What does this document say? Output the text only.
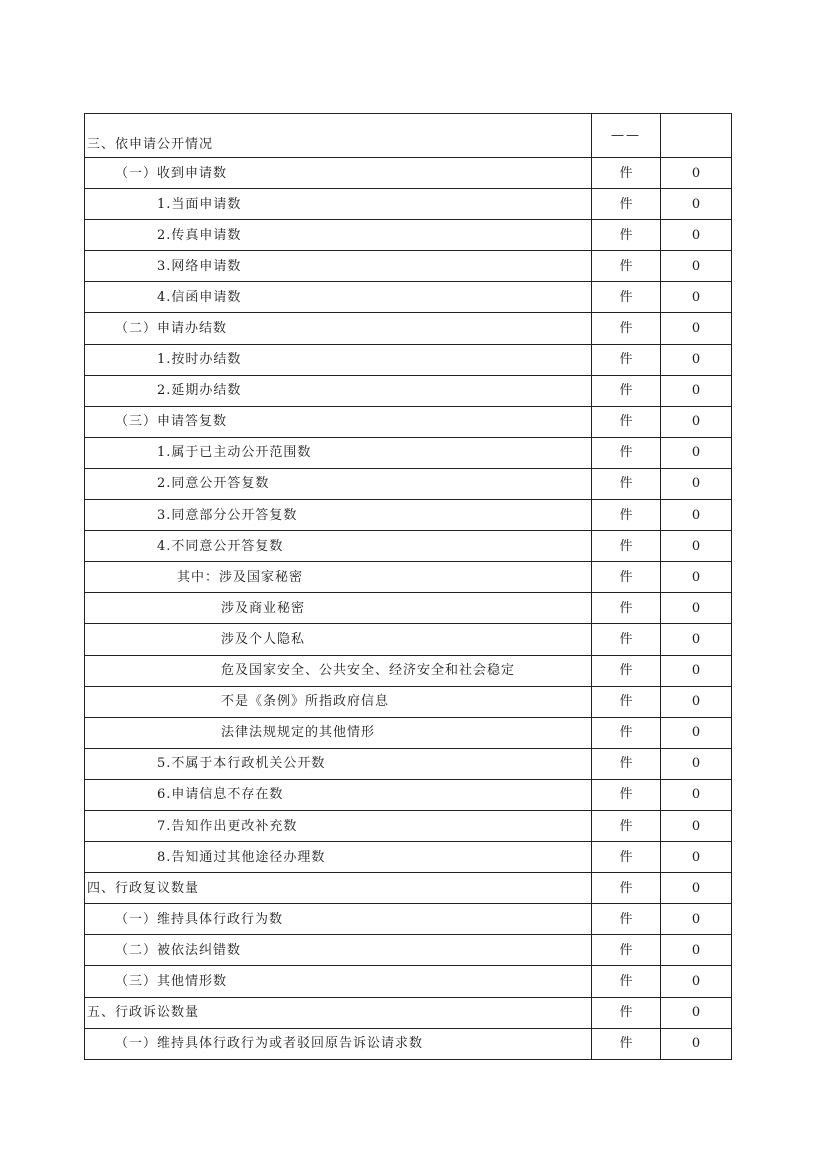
三、依申请公开情况	——	
（一）收到申请数	件	0
1.当面申请数	件	0
2.传真申请数	件	0
3.网络申请数	件	0
4.信函申请数	件	0
（二）申请办结数	件	0
1.按时办结数	件	0
2.延期办结数	件	0
（三）申请答复数	件	0
1.属于已主动公开范围数	件	0
2.同意公开答复数	件	0
3.同意部分公开答复数	件	0
4.不同意公开答复数	件	0
其中：涉及国家秘密	件	0
涉及商业秘密	件	0
涉及个人隐私	件	0
危及国家安全、公共安全、经济安全和社会稳定	件	0
不是《条例》所指政府信息	件	0
法律法规规定的其他情形	件	0
5.不属于本行政机关公开数	件	0
6.申请信息不存在数	件	0
7.告知作出更改补充数	件	0
8.告知通过其他途径办理数	件	0
四、行政复议数量	件	0
（一）维持具体行政行为数	件	0
（二）被依法纠错数	件	0
（三）其他情形数	件	0
五、行政诉讼数量	件	0
（一）维持具体行政行为或者驳回原告诉讼请求数	件	0
